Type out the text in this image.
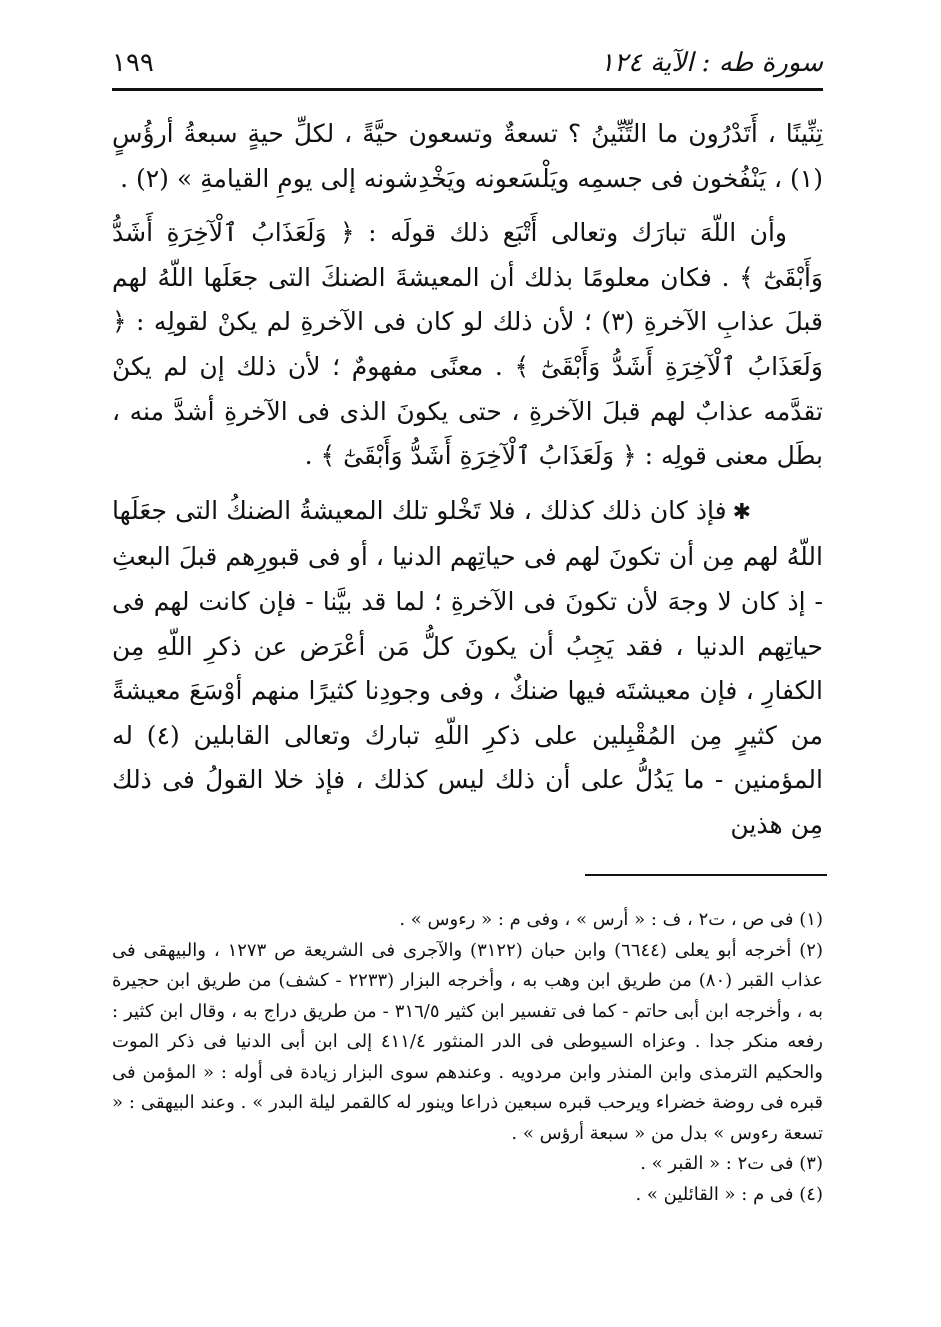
سورة طه : الآية ١٢٤
١٩٩

تِنِّينًا ، أَتَدْرُون ما التِّنِّينُ ؟ تسعةٌ وتسعون حيَّةً ، لكلِّ حيةٍ سبعةُ أرؤُسٍ (١) ، يَنْفُخون فى جسمِه ويَلْسَعونه ويَخْدِشونه إلى يومِ القيامةِ » (٢) .

وأن اللّهَ تبارَك وتعالى أَتْبَع ذلك قولَه : ﴿ وَلَعَذَابُ ٱلْآخِرَةِ أَشَدُّ وَأَبْقَىٰٓ ﴾ . فكان معلومًا بذلك أن المعيشةَ الضنكَ التى جعَلَها اللّهُ لهم قبلَ عذابِ الآخرةِ (٣) ؛ لأن ذلك لو كان فى الآخرةِ لم يكنْ لقولِه : ﴿ وَلَعَذَابُ ٱلْآخِرَةِ أَشَدُّ وَأَبْقَىٰٓ ﴾ . معنًى مفهومٌ ؛ لأن ذلك إن لم يكنْ تقدَّمه عذابٌ لهم قبلَ الآخرةِ ، حتى يكونَ الذى فى الآخرةِ أشدَّ منه ، بطَل معنى قولِه : ﴿ وَلَعَذَابُ ٱلْآخِرَةِ أَشَدُّ وَأَبْقَىٰٓ ﴾ .

✱فإذ كان ذلك كذلك ، فلا تَخْلو تلك المعيشةُ الضنكُ التى جعَلَها اللّهُ لهم مِن أن تكونَ لهم فى حياتِهم الدنيا ، أو فى قبورِهم قبلَ البعثِ - إذ كان لا وجهَ لأن تكونَ فى الآخرةِ ؛ لما قد بيَّنا - فإن كانت لهم فى حياتِهم الدنيا ، فقد يَجِبُ أن يكونَ كلُّ مَن أعْرَض عن ذكرِ اللّهِ مِن الكفارِ ، فإن معيشتَه فيها ضنكٌ ، وفى وجودِنا كثيرًا منهم أوْسَعَ معيشةً من كثيرٍ مِن المُقْبِلين على ذكرِ اللّهِ تبارك وتعالى القابلين (٤) له المؤمنين - ما يَدُلُّ على أن ذلك ليس كذلك ، فإذ خلا القولُ فى ذلك مِن هذين

(١) فى ص ، ت٢ ، ف : « أرس » ، وفى م : « رءوس » .

(٢) أخرجه أبو يعلى (٦٦٤٤) وابن حبان (٣١٢٢) والآجرى فى الشريعة ص ١٢٧٣ ، والبيهقى فى عذاب القبر (٨٠) من طريق ابن وهب به ، وأخرجه البزار (٢٢٣٣ - كشف) من طريق ابن حجيرة به ، وأخرجه ابن أبى حاتم - كما فى تفسير ابن كثير ٣١٦/٥ - من طريق دراج به ، وقال ابن كثير : رفعه منكر جدا . وعزاه السيوطى فى الدر المنثور ٤١١/٤ إلى ابن أبى الدنيا فى ذكر الموت والحكيم الترمذى وابن المنذر وابن مردويه . وعندهم سوى البزار زيادة فى أوله : « المؤمن فى قبره فى روضة خضراء ويرحب قبره سبعين ذراعا وينور له كالقمر ليلة البدر » . وعند البيهقى : « تسعة رءوس » بدل من « سبعة أرؤس » .

(٣) فى ت٢ : « القبر » .

(٤) فى م : « القائلين » .
